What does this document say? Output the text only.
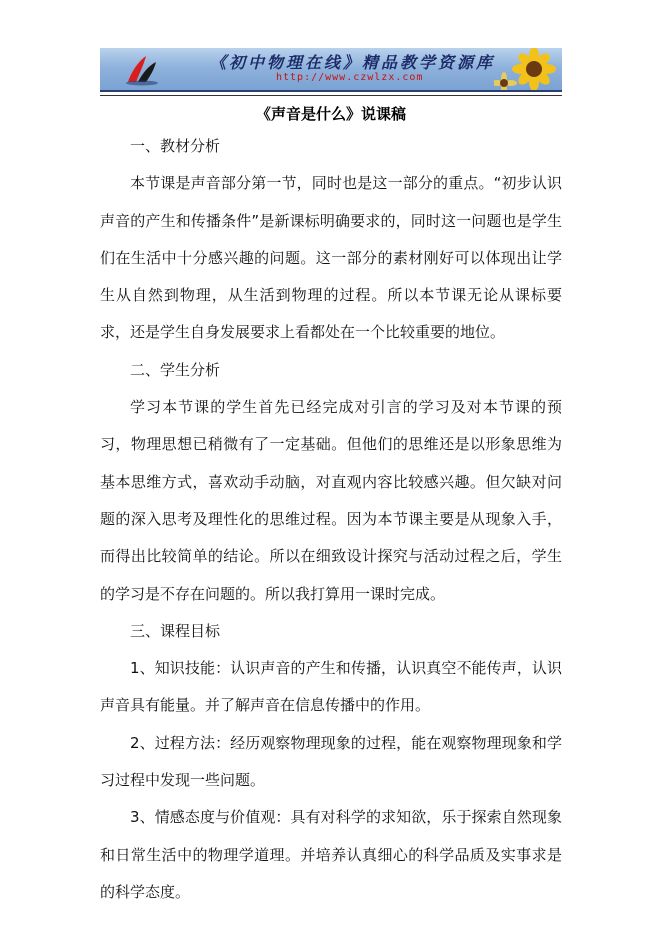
《初中物理在线》精品教学资源库
http://www.czwlzx.com
《声音是什么》说课稿

一、教材分析

本节课是声音部分第一节，同时也是这一部分的重点。“初步认识声音的产生和传播条件”是新课标明确要求的，同时这一问题也是学生们在生活中十分感兴趣的问题。这一部分的素材刚好可以体现出让学生从自然到物理，从生活到物理的过程。所以本节课无论从课标要求，还是学生自身发展要求上看都处在一个比较重要的地位。

二、学生分析

学习本节课的学生首先已经完成对引言的学习及对本节课的预习，物理思想已稍微有了一定基础。但他们的思维还是以形象思维为基本思维方式，喜欢动手动脑，对直观内容比较感兴趣。但欠缺对问题的深入思考及理性化的思维过程。因为本节课主要是从现象入手，而得出比较简单的结论。所以在细致设计探究与活动过程之后，学生的学习是不存在问题的。所以我打算用一课时完成。

三、课程目标

1、知识技能：认识声音的产生和传播，认识真空不能传声，认识声音具有能量。并了解声音在信息传播中的作用。

2、过程方法：经历观察物理现象的过程，能在观察物理现象和学习过程中发现一些问题。

3、情感态度与价值观：具有对科学的求知欲，乐于探索自然现象和日常生活中的物理学道理。并培养认真细心的科学品质及实事求是的科学态度。
